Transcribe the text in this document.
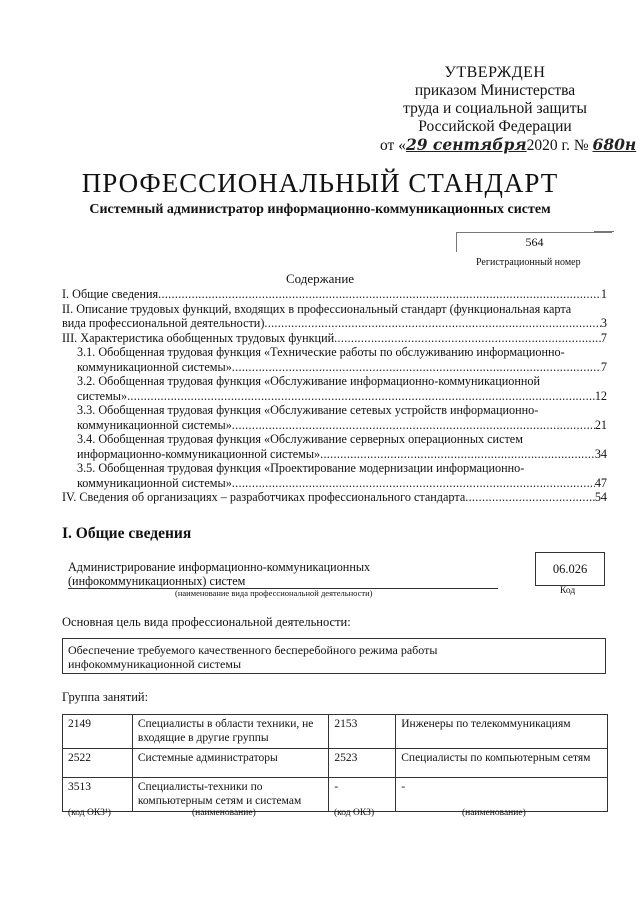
УТВЕРЖДЕН
приказом Министерства
труда и социальной защиты
Российской Федерации
от «29 сентября2020 г. № 680н
ПРОФЕССИОНАЛЬНЫЙ СТАНДАРТ
Системный администратор информационно-коммуникационных систем
564
Регистрационный номер
Содержание
I. Общие сведения .....	1
II. Описание трудовых функций, входящих в профессиональный стандарт (функциональная карта
вида профессиональной деятельности) .....	3
III. Характеристика обобщенных трудовых функций .....	7
3.1. Обобщенная трудовая функция «Технические работы по обслуживанию информационно-
коммуникационной системы» .....	7
3.2. Обобщенная трудовая функция «Обслуживание информационно-коммуникационной
системы» .....	12
3.3. Обобщенная трудовая функция «Обслуживание сетевых устройств информационно-
коммуникационной системы» .....	21
3.4. Обобщенная трудовая функция «Обслуживание серверных операционных систем
информационно-коммуникационной системы» .....	34
3.5. Обобщенная трудовая функция «Проектирование модернизации информационно-
коммуникационной системы» .....	47
IV. Сведения об организациях – разработчиках профессионального стандарта .....	54
I. Общие сведения
Администрирование информационно-коммуникационных
(инфокоммуникационных) систем
(наименование вида профессиональной деятельности)
06.026
Код
Основная цель вида профессиональной деятельности:
Обеспечение требуемого качественного бесперебойного режима работы
инфокоммуникационной системы
Группа занятий:
2149	Специалисты в области техники, не входящие в другие группы	2153	Инженеры по телекоммуникациям
2522	Системные администраторы	2523	Специалисты по компьютерным сетям
3513	Специалисты-техники по компьютерным сетям и системам	-	-
(код ОКЗ¹)	(наименование)	(код ОКЗ)	(наименование)
